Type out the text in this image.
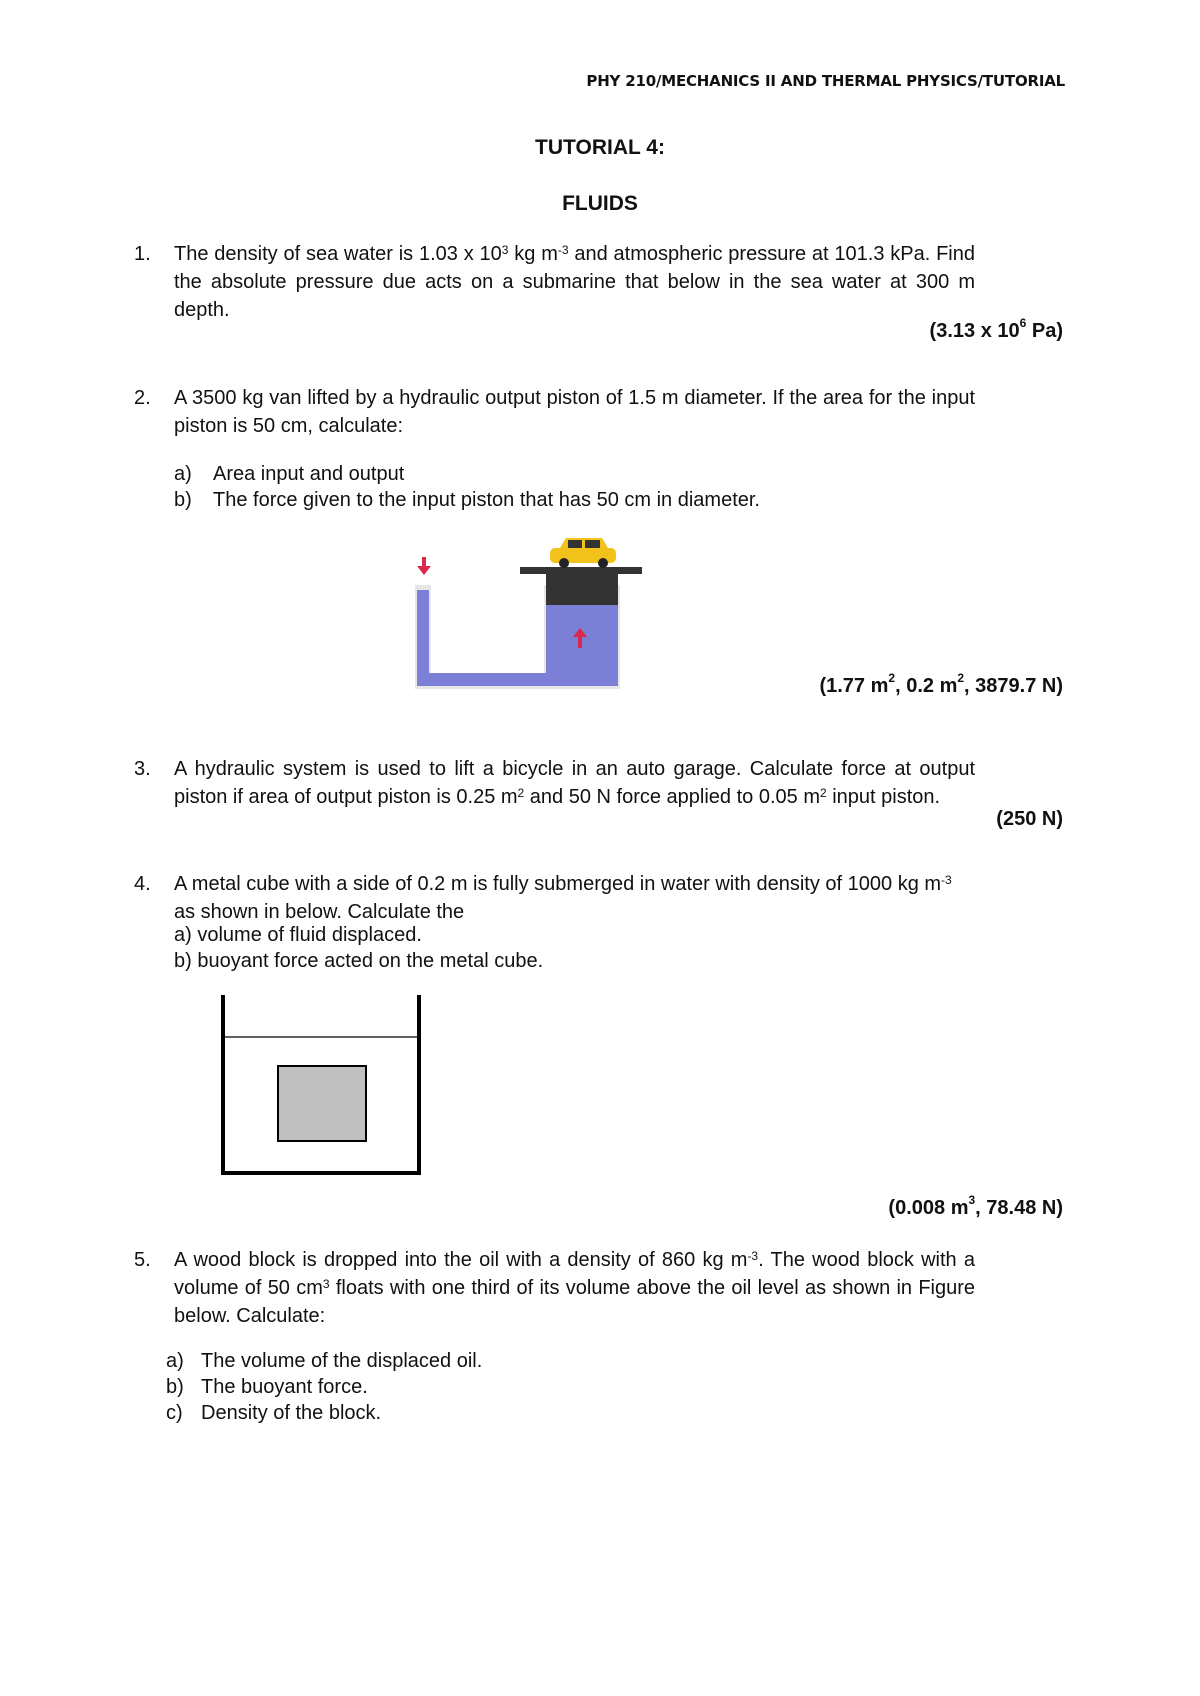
PHY 210/MECHANICS II AND THERMAL PHYSICS/TUTORIAL
TUTORIAL 4:
FLUIDS
1. The density of sea water is 1.03 x $10^3$ kg $m^{-3}$ and atmospheric pressure at 101.3 kPa. Find the absolute pressure due acts on a submarine that below in the sea water at 300 m depth.
(3.13 x $10^6$ Pa)
2. A 3500 kg van lifted by a hydraulic output piston of 1.5 m diameter. If the area for the input piston is 50 cm, calculate:
a) Area input and output
b) The force given to the input piston that has 50 cm in diameter.
(1.77 $m^2$, 0.2 $m^2$, 3879.7 N)
3. A hydraulic system is used to lift a bicycle in an auto garage. Calculate force at output piston if area of output piston is 0.25 $m^2$ and 50 N force applied to 0.05 $m^2$ input piston.
(250 N)
4. A metal cube with a side of 0.2 m is fully submerged in water with density of 1000 kg $m^{-3}$ as shown in below. Calculate the
a) volume of fluid displaced.
b) buoyant force acted on the metal cube.
(0.008 $m^3$, 78.48 N)
5. A wood block is dropped into the oil with a density of 860 kg $m^{-3}$. The wood block with a volume of 50 $cm^3$ floats with one third of its volume above the oil level as shown in Figure below. Calculate:
a) The volume of the displaced oil.
b) The buoyant force.
c) Density of the block.
